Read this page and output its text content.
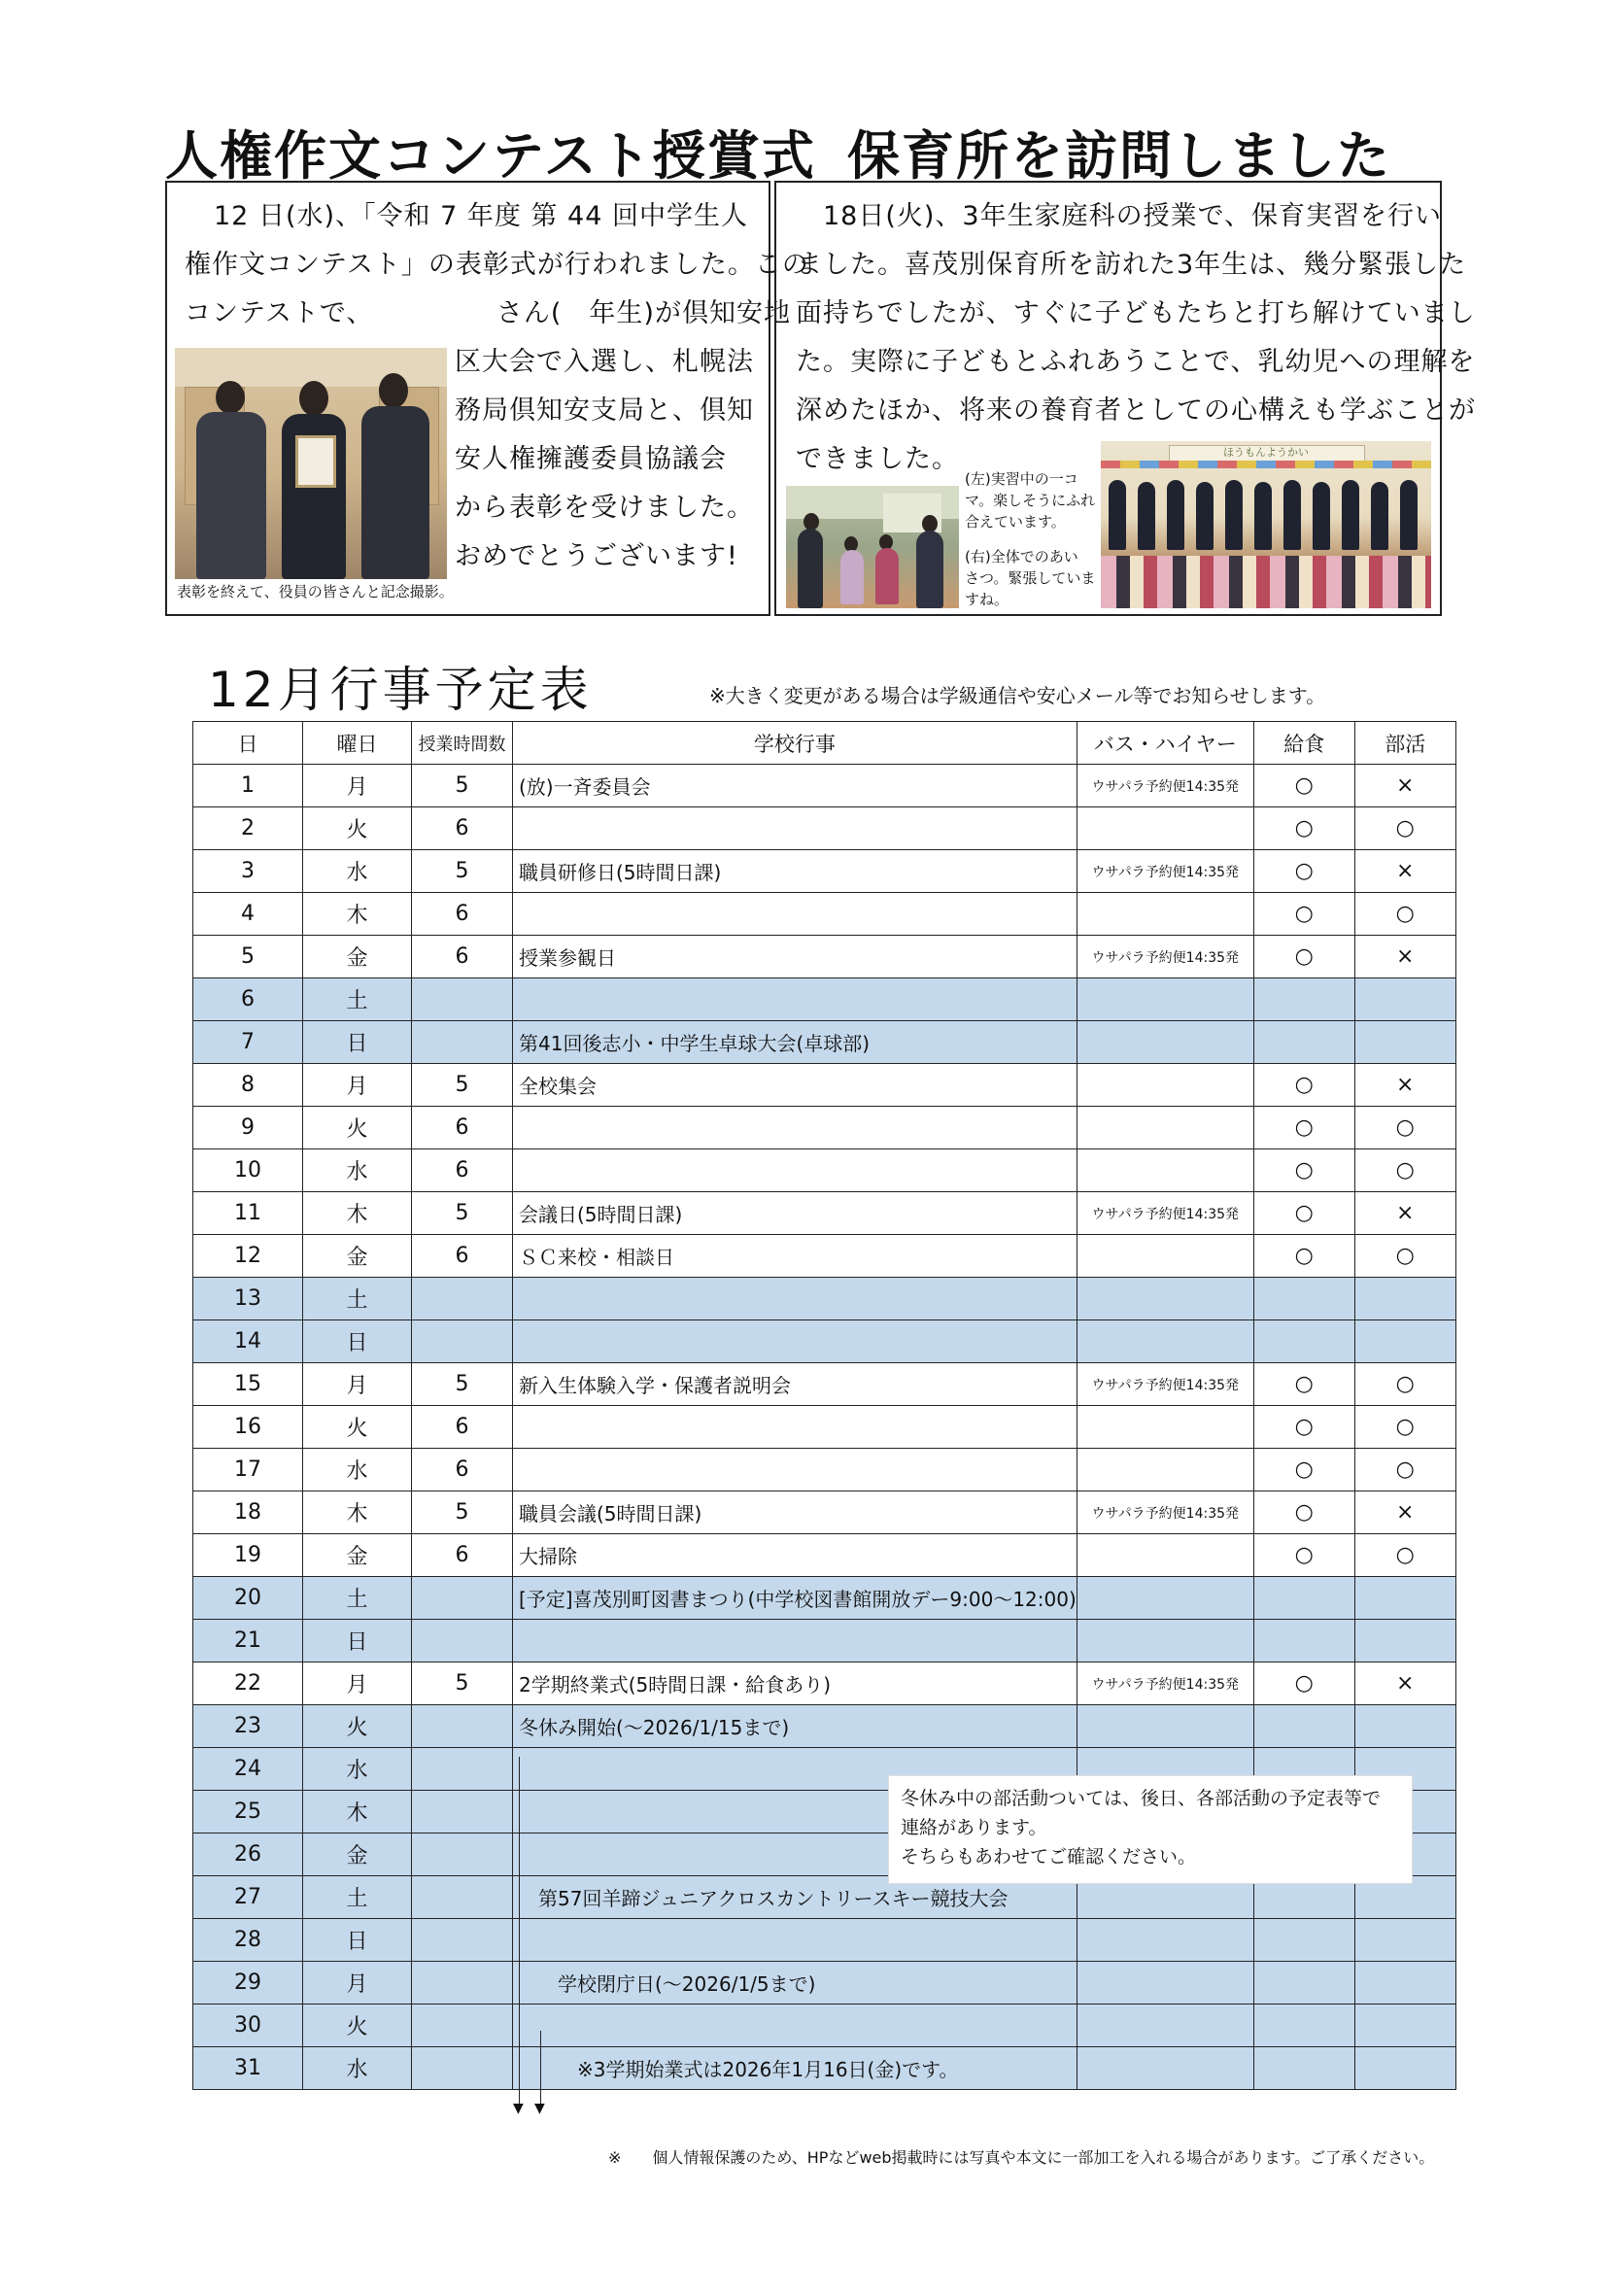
人権作文コンテスト授賞式
12 日(水)、「令和 7 年度 第 44 回中学生人
権作文コンテスト」の表彰式が行われました。この
コンテストで、　　　　　さん(　年生)が倶知安地
区大会で入選し、札幌法
務局倶知安支局と、倶知
安人権擁護委員協議会
から表彰を受けました。
おめでとうございます!
表彰を終えて、役員の皆さんと記念撮影。
保育所を訪問しました
18日(火)、3年生家庭科の授業で、保育実習を行い
ました。喜茂別保育所を訪れた3年生は、幾分緊張した
面持ちでしたが、すぐに子どもたちと打ち解けていまし
た。実際に子どもとふれあうことで、乳幼児への理解を
深めたほか、将来の養育者としての心構えも学ぶことが
できました。
(左)実習中の一コ
マ。楽しそうにふれ
合えています。
(右)全体でのあい
さつ。緊張していま
すね。
ほうもんようかい
12月行事予定表	※大きく変更がある場合は学級通信や安心メール等でお知らせします。
日	曜日	授業時間数	学校行事	バス・ハイヤー	給食	部活
1	月	5	(放)一斉委員会	ウサパラ予約便14:35発	○	×
2	火	6			○	○
3	水	5	職員研修日(5時間日課)	ウサパラ予約便14:35発	○	×
4	木	6			○	○
5	金	6	授業参観日	ウサパラ予約便14:35発	○	×
6	土					
7	日		第41回後志小・中学生卓球大会(卓球部)			
8	月	5	全校集会		○	×
9	火	6			○	○
10	水	6			○	○
11	木	5	会議日(5時間日課)	ウサパラ予約便14:35発	○	×
12	金	6	ＳＣ来校・相談日		○	○
13	土					
14	日					
15	月	5	新入生体験入学・保護者説明会	ウサパラ予約便14:35発	○	○
16	火	6			○	○
17	水	6			○	○
18	木	5	職員会議(5時間日課)	ウサパラ予約便14:35発	○	×
19	金	6	大掃除		○	○
20	土		[予定]喜茂別町図書まつり(中学校図書館開放デー9:00～12:00)			
21	日					
22	月	5	2学期終業式(5時間日課・給食あり)	ウサパラ予約便14:35発	○	×
23	火		冬休み開始(～2026/1/15まで)			
24	水					
25	木					
26	金					
27	土		　第57回羊蹄ジュニアクロスカントリースキー競技大会			
28	日					
29	月		　　学校閉庁日(～2026/1/5まで)			
30	火					
31	水		　　　※3学期始業式は2026年1月16日(金)です。			
▼ ▼
冬休み中の部活動ついては、後日、各部活動の予定表等で
連絡があります。
そちらもあわせてご確認ください。
※　　個人情報保護のため、HPなどweb掲載時には写真や本文に一部加工を入れる場合があります。ご了承ください。
